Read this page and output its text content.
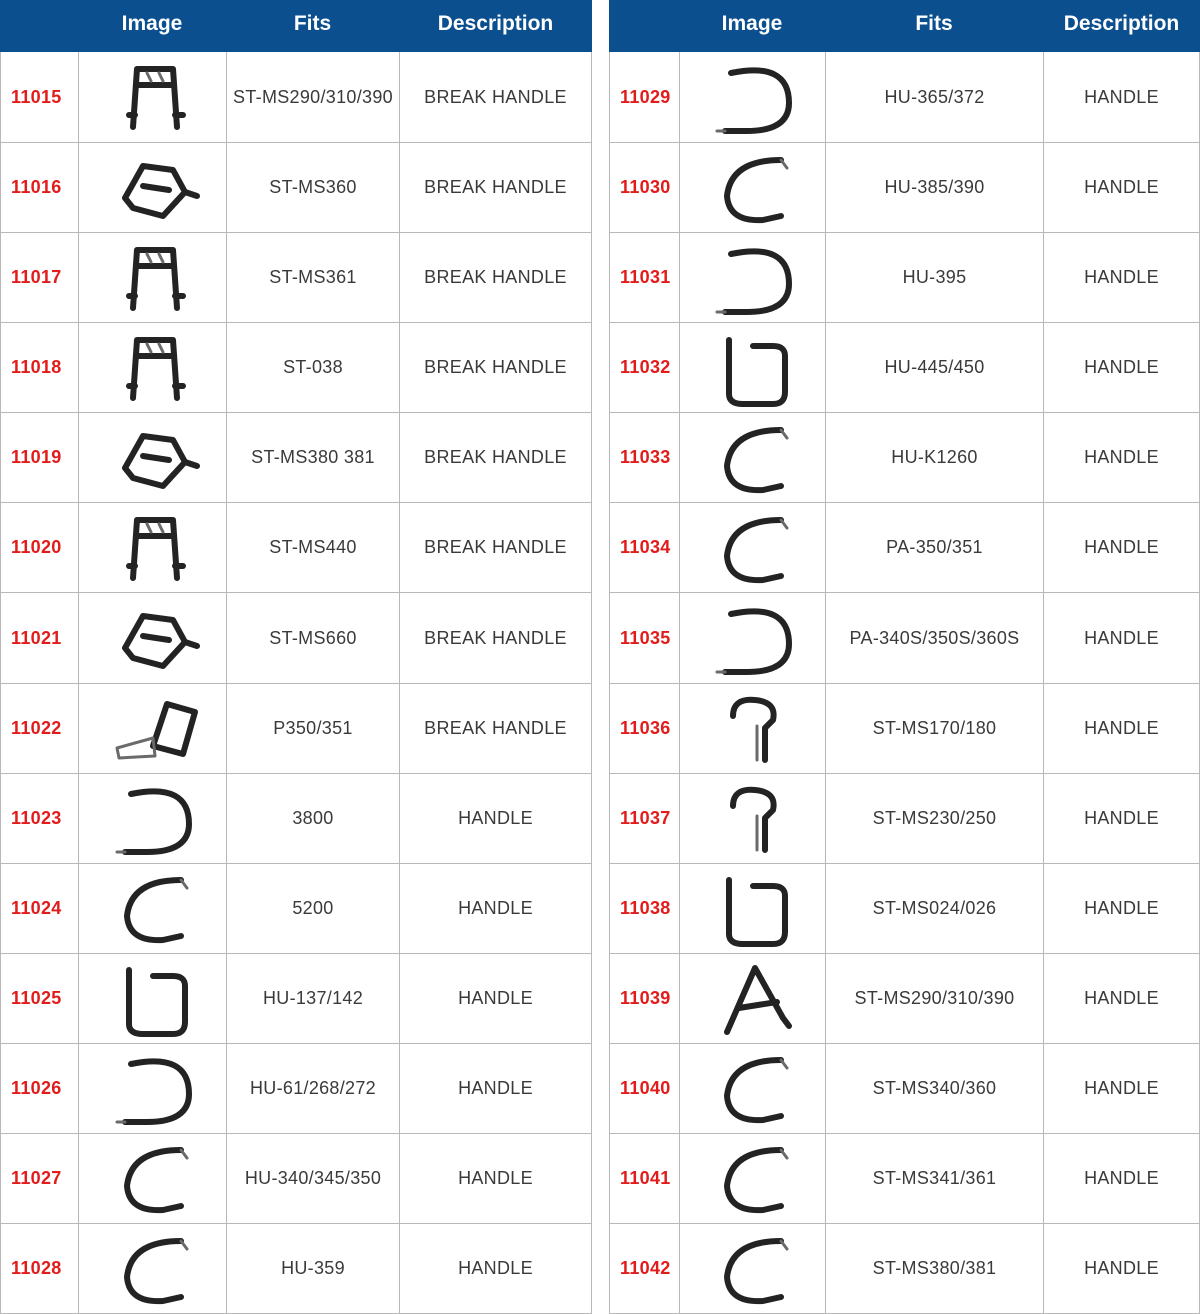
Image	Fits	Description
11015	ST-MS290/310/390	BREAK HANDLE
11016	ST-MS360	BREAK HANDLE
11017	ST-MS361	BREAK HANDLE
11018	ST-038	BREAK HANDLE
11019	ST-MS380 381	BREAK HANDLE
11020	ST-MS440	BREAK HANDLE
11021	ST-MS660	BREAK HANDLE
11022	P350/351	BREAK HANDLE
11023	3800	HANDLE
11024	5200	HANDLE
11025	HU-137/142	HANDLE
11026	HU-61/268/272	HANDLE
11027	HU-340/345/350	HANDLE
11028	HU-359	HANDLE
Image	Fits	Description
11029	HU-365/372	HANDLE
11030	HU-385/390	HANDLE
11031	HU-395	HANDLE
11032	HU-445/450	HANDLE
11033	HU-K1260	HANDLE
11034	PA-350/351	HANDLE
11035	PA-340S/350S/360S	HANDLE
11036	ST-MS170/180	HANDLE
11037	ST-MS230/250	HANDLE
11038	ST-MS024/026	HANDLE
11039	ST-MS290/310/390	HANDLE
11040	ST-MS340/360	HANDLE
11041	ST-MS341/361	HANDLE
11042	ST-MS380/381	HANDLE
